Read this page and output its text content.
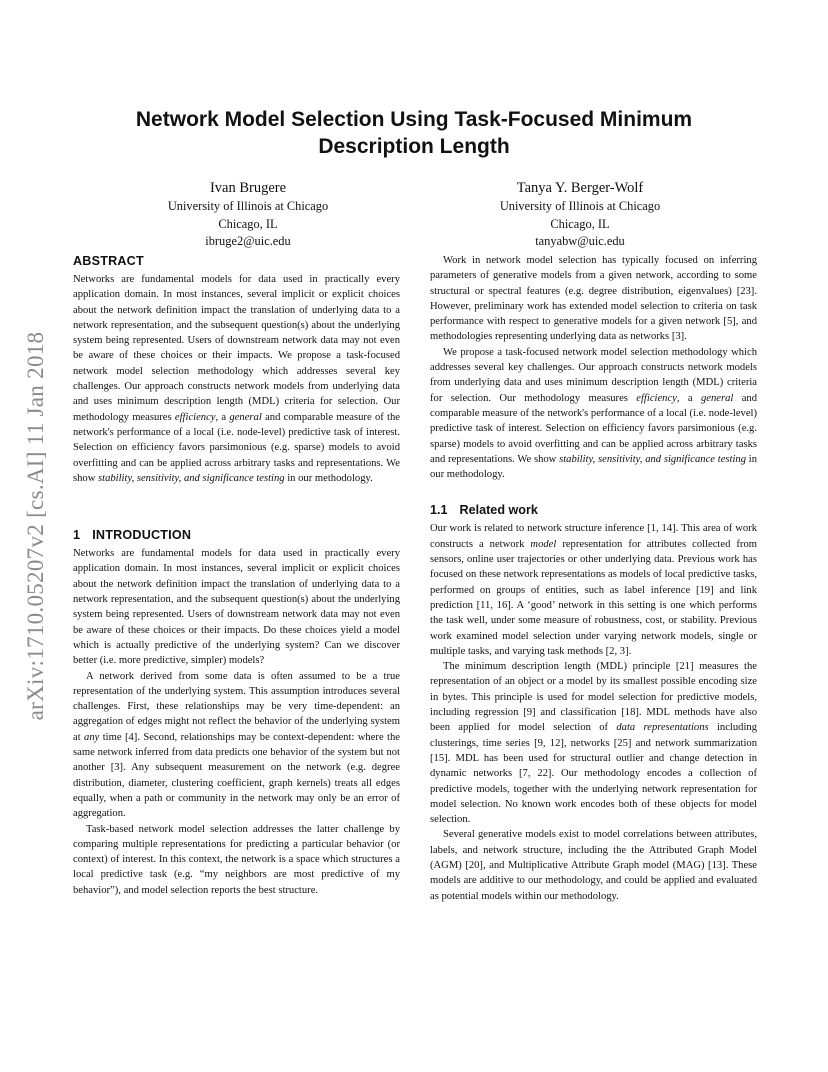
arXiv:1710.05207v2 [cs.AI] 11 Jan 2018
Network Model Selection Using Task-Focused Minimum Description Length
Ivan Brugere
University of Illinois at Chicago
Chicago, IL
ibruge2@uic.edu
Tanya Y. Berger-Wolf
University of Illinois at Chicago
Chicago, IL
tanyabw@uic.edu
ABSTRACT

Networks are fundamental models for data used in practically every application domain. In most instances, several implicit or explicit choices about the network definition impact the translation of underlying data to a network representation, and the subsequent question(s) about the underlying system being represented. Users of downstream network data may not even be aware of these choices or their impacts. We propose a task-focused network model selection methodology which addresses several key challenges. Our approach constructs network models from underlying data and uses minimum description length (MDL) criteria for selection. Our methodology measures efficiency, a general and comparable measure of the network's performance of a local (i.e. node-level) predictive task of interest. Selection on efficiency favors parsimonious (e.g. sparse) models to avoid overfitting and can be applied across arbitrary tasks and representations. We show stability, sensitivity, and significance testing in our methodology.

1 INTRODUCTION

Networks are fundamental models for data used in practically every application domain. In most instances, several implicit or explicit choices about the network definition impact the translation of underlying data to a network representation, and the subsequent question(s) about the underlying system being represented. Users of downstream network data may not even be aware of these choices or their impacts. Do these choices yield a model which is actually predictive of the underlying system? Can we discover better (i.e. more predictive, simpler) models?

A network derived from some data is often assumed to be a true representation of the underlying system. This assumption introduces several challenges. First, these relationships may be very time-dependent: an aggregation of edges might not reflect the behavior of the underlying system at any time [4]. Second, relationships may be context-dependent: where the same network inferred from data predicts one behavior of the system but not another [3]. Any subsequent measurement on the network (e.g. degree distribution, diameter, clustering coefficient, graph kernels) treats all edges equally, when a path or community in the network may only be an error of aggregation.

Task-based network model selection addresses the latter challenge by comparing multiple representations for predicting a particular behavior (or context) of interest. In this context, the network is a space which structures a local predictive task (e.g. “my neighbors are most predictive of my behavior”), and model selection reports the best structure.

Work in network model selection has typically focused on inferring parameters of generative models from a given network, according to some structural or spectral features (e.g. degree distribution, eigenvalues) [23]. However, preliminary work has extended model selection to criteria on task performance with respect to generative models for a given network [5], and methodologies representing underlying data as networks [3].

We propose a task-focused network model selection methodology which addresses several key challenges. Our approach constructs network models from underlying data and uses minimum description length (MDL) criteria for selection. Our methodology measures efficiency, a general and comparable measure of the network's performance of a local (i.e. node-level) predictive task of interest. Selection on efficiency favors parsimonious (e.g. sparse) models to avoid overfitting and can be applied across arbitrary tasks and representations. We show stability, sensitivity, and significance testing in our methodology.

1.1 Related work

Our work is related to network structure inference [1, 14]. This area of work constructs a network model representation for attributes collected from sensors, online user trajectories or other underlying data. Previous work has focused on these network representations as models of local predictive tasks, performed on groups of entities, such as label inference [19] and link prediction [11, 16]. A ‘good’ network in this setting is one which performs the task well, under some measure of robustness, cost, or stability. Previous work examined model selection under varying network models, single or multiple tasks, and varying task methods [2, 3].

The minimum description length (MDL) principle [21] measures the representation of an object or a model by its smallest possible encoding size in bytes. This principle is used for model selection for predictive models, including regression [9] and classification [18]. MDL methods have also been applied for model selection of data representations including clusterings, time series [9, 12], networks [25] and network summarization [15]. MDL has been used for structural outlier and change detection in dynamic networks [7, 22]. Our methodology encodes a collection of predictive models, together with the underlying network representation for model selection. No known work encodes both of these objects for model selection.

Several generative models exist to model correlations between attributes, labels, and network structure, including the the Attributed Graph Model (AGM) [20], and Multiplicative Attribute Graph model (MAG) [13]. These models are additive to our methodology, and could be applied and evaluated as potential models within our methodology.
